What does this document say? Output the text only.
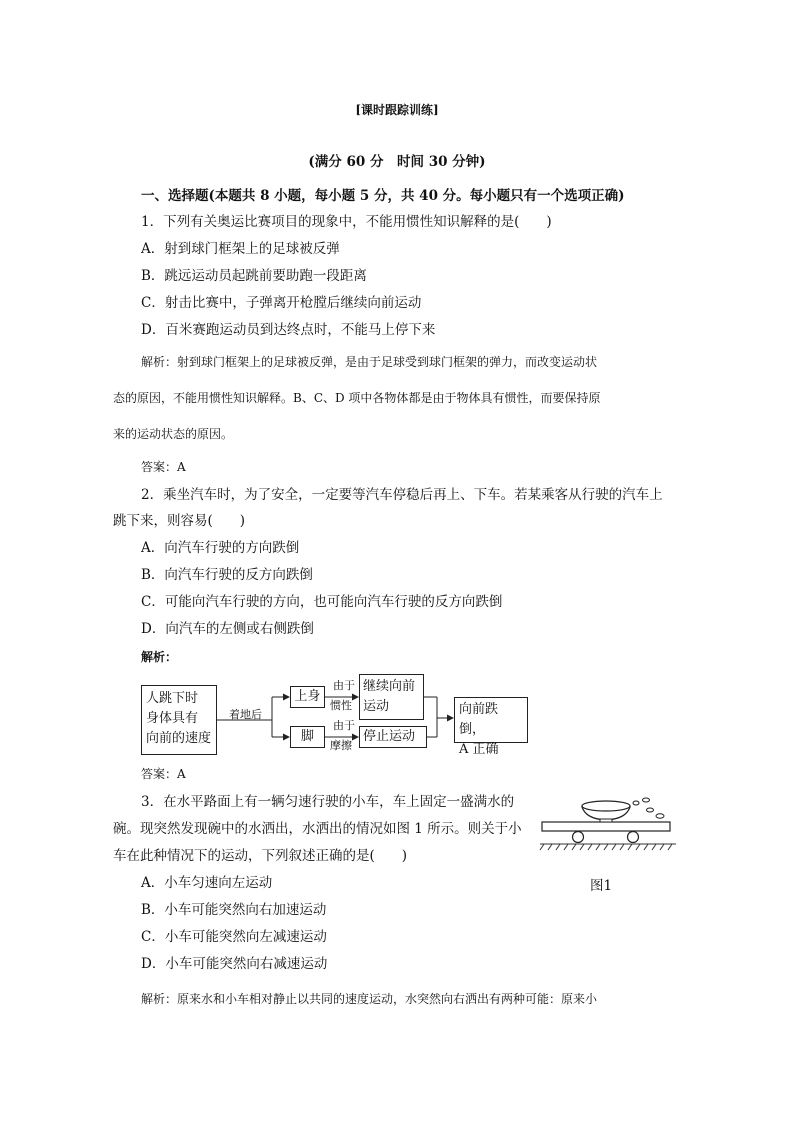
[课时跟踪训练]
(满分 60 分　时间 30 分钟)
一、选择题(本题共 8 小题，每小题 5 分，共 40 分。每小题只有一个选项正确)
1．下列有关奥运比赛项目的现象中，不能用惯性知识解释的是(　　)
A．射到球门框架上的足球被反弹
B．跳远运动员起跳前要助跑一段距离
C．射击比赛中，子弹离开枪膛后继续向前运动
D．百米赛跑运动员到达终点时，不能马上停下来
解析：射到球门框架上的足球被反弹，是由于足球受到球门框架的弹力，而改变运动状
态的原因，不能用惯性知识解释。B、C、D 项中各物体都是由于物体具有惯性，而要保持原
来的运动状态的原因。
答案：A
2．乘坐汽车时，为了安全，一定要等汽车停稳后再上、下车。若某乘客从行驶的汽车上
跳下来，则容易(　　)
A．向汽车行驶的方向跌倒
B．向汽车行驶的反方向跌倒
C．可能向汽车行驶的方向，也可能向汽车行驶的反方向跌倒
D．向汽车的左侧或右侧跌倒
解析：
人跳下时
身体具有
向前的速度
着地后
上身
脚
由于
惯性
由于
摩擦
继续向前
运动
停止运动
向前跌倒，
A 正确
答案：A
3．在水平路面上有一辆匀速行驶的小车，车上固定一盛满水的
碗。现突然发现碗中的水洒出，水洒出的情况如图 1 所示。则关于小
车在此种情况下的运动，下列叙述正确的是(　　)
A．小车匀速向左运动
B．小车可能突然向右加速运动
C．小车可能突然向左减速运动
D．小车可能突然向右减速运动
解析：原来水和小车相对静止以共同的速度运动，水突然向右洒出有两种可能：原来小
图1
